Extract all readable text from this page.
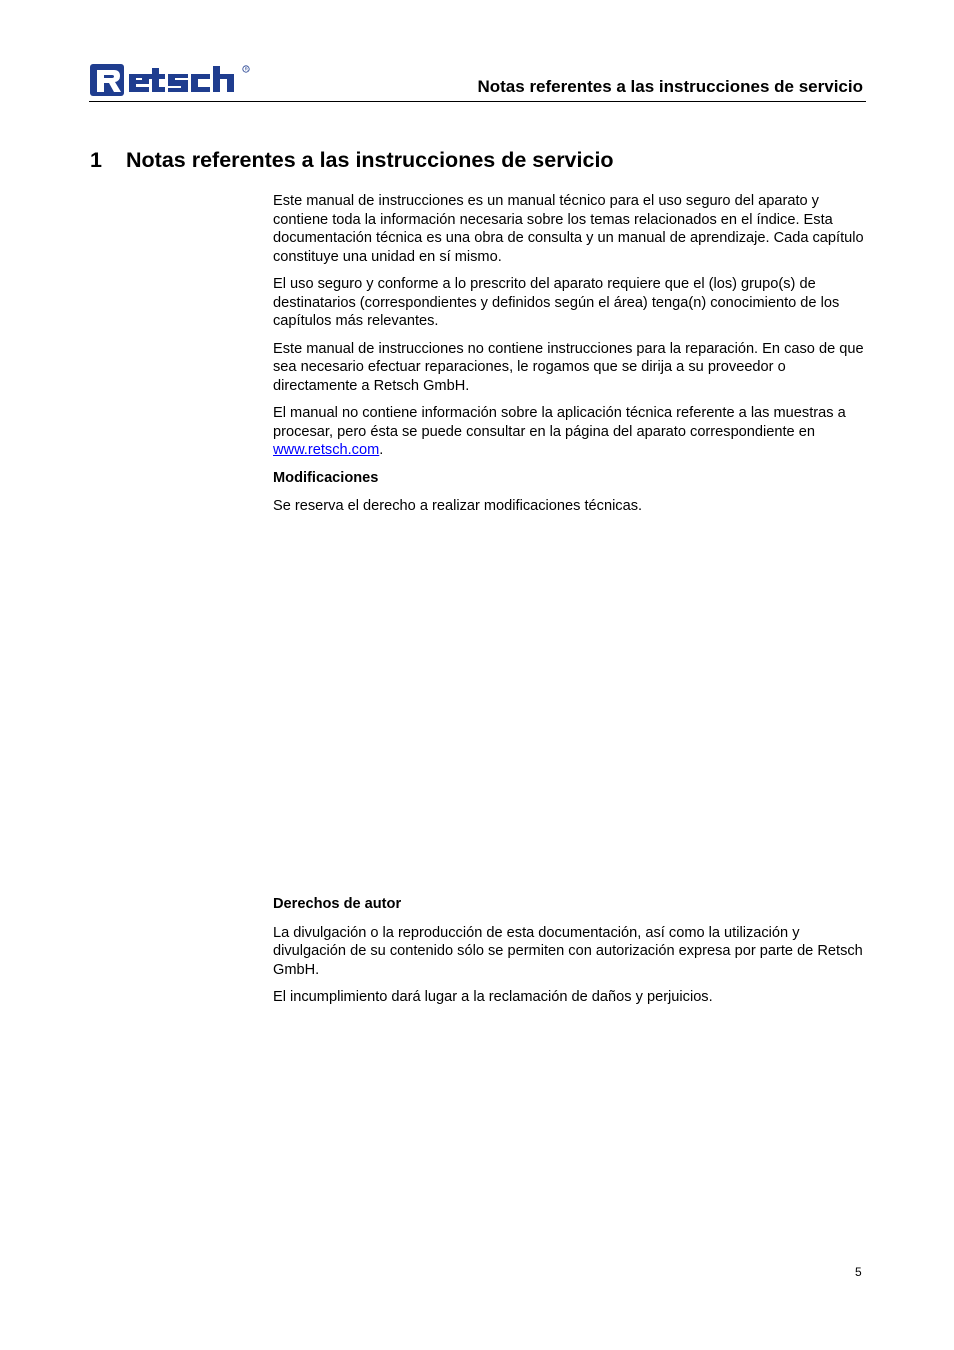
R
Notas referentes a las instrucciones de servicio
1 Notas referentes a las instrucciones de servicio

Este manual de instrucciones es un manual técnico para el uso seguro del aparato y contiene toda la información necesaria sobre los temas relacionados en el índice. Esta documentación técnica es una obra de consulta y un manual de aprendizaje. Cada capítulo constituye una unidad en sí mismo.

El uso seguro y conforme a lo prescrito del aparato requiere que el (los) grupo(s) de destinatarios (correspondientes y definidos según el área) tenga(n) conocimiento de los capítulos más relevantes.

Este manual de instrucciones no contiene instrucciones para la reparación. En caso de que sea necesario efectuar reparaciones, le rogamos que se dirija a su proveedor o directamente a Retsch GmbH.

El manual no contiene información sobre la aplicación técnica referente a las muestras a procesar, pero ésta se puede consultar en la página del aparato correspondiente en www.retsch.com.

Modificaciones

Se reserva el derecho a realizar modificaciones técnicas.

Derechos de autor

La divulgación o la reproducción de esta documentación, así como la utilización y divulgación de su contenido sólo se permiten con autorización expresa por parte de Retsch GmbH.

El incumplimiento dará lugar a la reclamación de daños y perjuicios.

5
